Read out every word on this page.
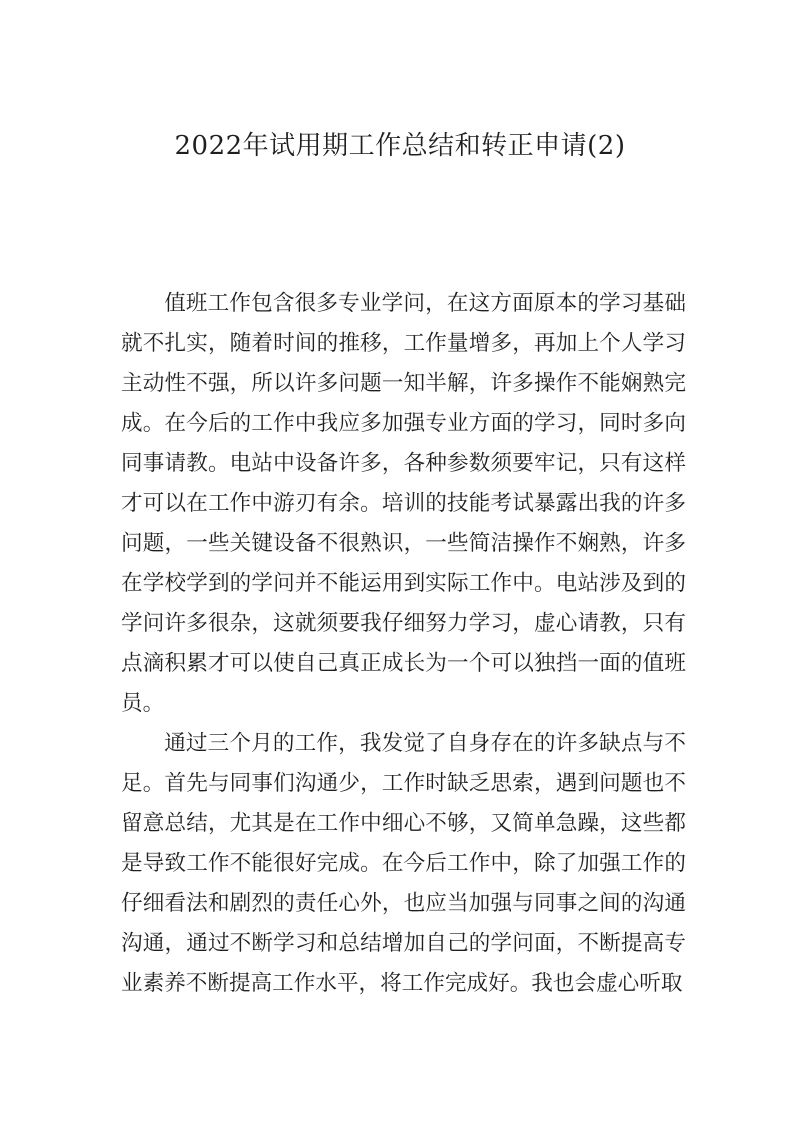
2022年试用期工作总结和转正申请(2)

值班工作包含很多专业学问，在这方面原本的学习基础就不扎实，随着时间的推移，工作量增多，再加上个人学习主动性不强，所以许多问题一知半解，许多操作不能娴熟完成。在今后的工作中我应多加强专业方面的学习，同时多向同事请教。电站中设备许多，各种参数须要牢记，只有这样才可以在工作中游刃有余。培训的技能考试暴露出我的许多问题，一些关键设备不很熟识，一些简洁操作不娴熟，许多在学校学到的学问并不能运用到实际工作中。电站涉及到的学问许多很杂，这就须要我仔细努力学习，虚心请教，只有点滴积累才可以使自己真正成长为一个可以独挡一面的值班员。

通过三个月的工作，我发觉了自身存在的许多缺点与不足。首先与同事们沟通少，工作时缺乏思索，遇到问题也不留意总结，尤其是在工作中细心不够，又简单急躁，这些都是导致工作不能很好完成。在今后工作中，除了加强工作的仔细看法和剧烈的责任心外，也应当加强与同事之间的沟通沟通，通过不断学习和总结增加自己的学问面，不断提高专业素养不断提高工作水平，将工作完成好。我也会虚心听取
